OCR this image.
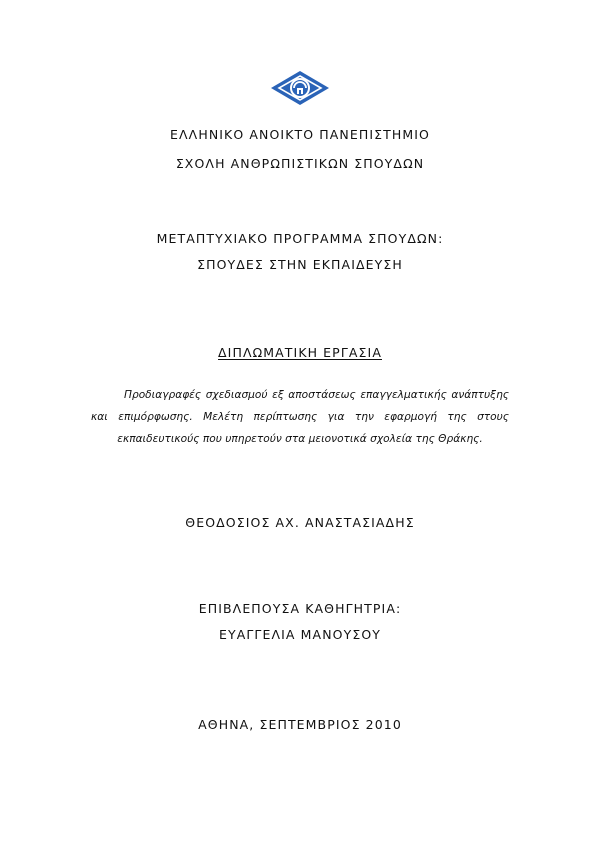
ΕΛΛΗΝΙΚΟ ΑΝΟΙΚΤΟ ΠΑΝΕΠΙΣΤΗΜΙΟ
ΣΧΟΛΗ ΑΝΘΡΩΠΙΣΤΙΚΩΝ ΣΠΟΥΔΩΝ
ΜΕΤΑΠΤΥΧΙΑΚΟ ΠΡΟΓΡΑΜΜΑ ΣΠΟΥΔΩΝ:
ΣΠΟΥΔΕΣ ΣΤΗΝ ΕΚΠΑΙΔΕΥΣΗ
ΔΙΠΛΩΜΑΤΙΚΗ ΕΡΓΑΣΙΑ

Προδιαγραφές σχεδιασμού εξ αποστάσεως επαγγελματικής ανάπτυξης και επιμόρφωσης. Μελέτη περίπτωσης για την εφαρμογή της στους εκπαιδευτικούς που υπηρετούν στα μειονοτικά σχολεία της Θράκης.

ΘΕΟΔΟΣΙΟΣ ΑΧ. ΑΝΑΣΤΑΣΙΑΔΗΣ
ΕΠΙΒΛΕΠΟΥΣΑ ΚΑΘΗΓΗΤΡΙΑ:
ΕΥΑΓΓΕΛΙΑ ΜΑΝΟΥΣΟΥ
ΑΘΗΝΑ, ΣΕΠΤΕΜΒΡΙΟΣ 2010
